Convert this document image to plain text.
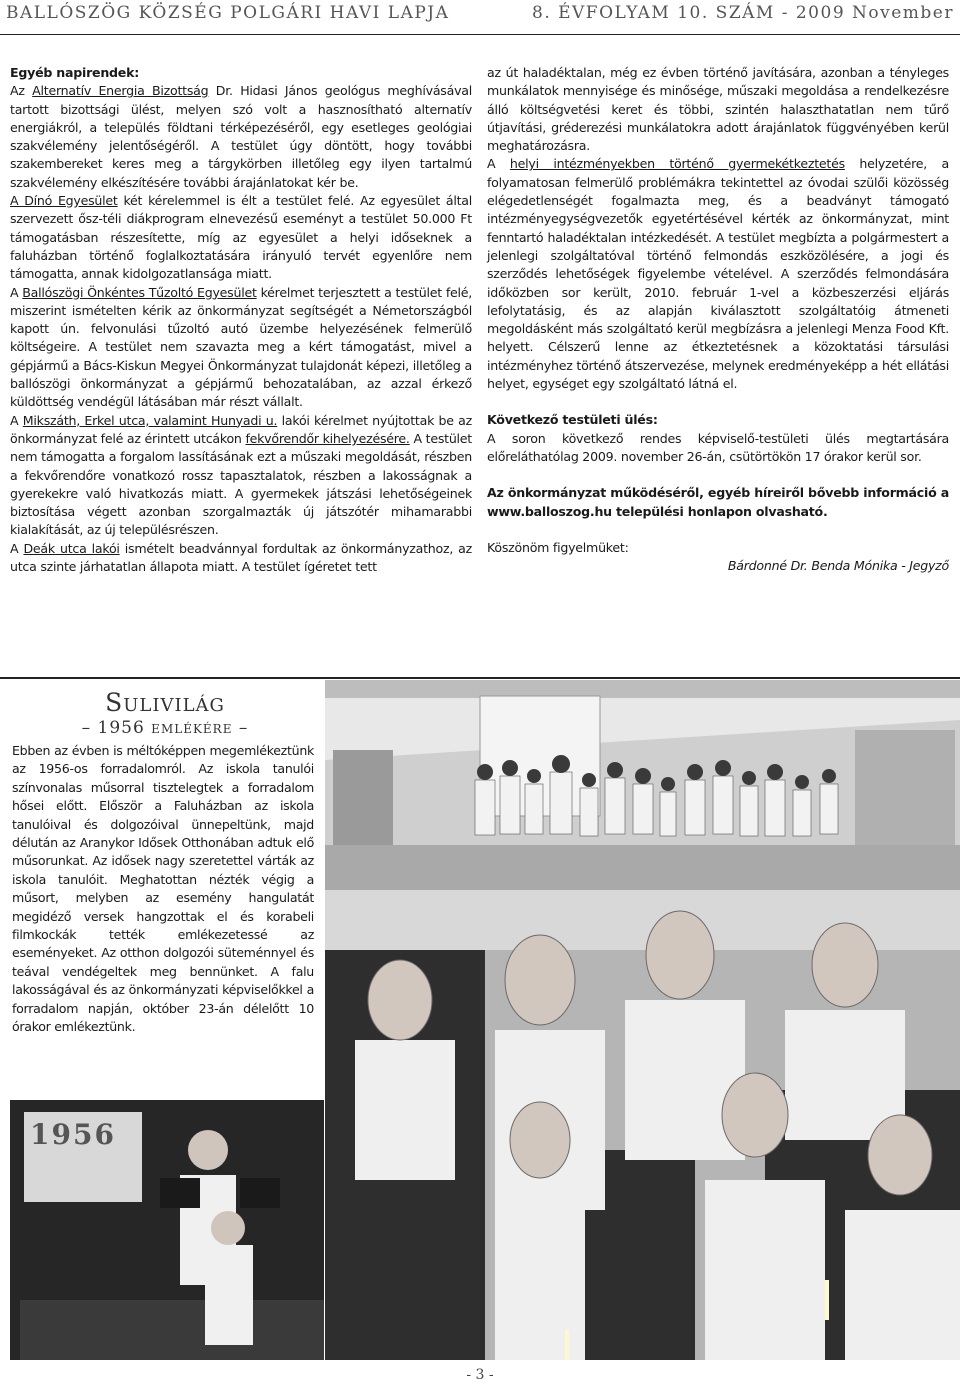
BALLÓSZÖG KÖZSÉG POLGÁRI HAVI LAPJA	8. ÉVFOLYAM 10. SZÁM - 2009 November

Egyéb napirendek:

Az Alternatív Energia Bizottság Dr. Hidasi János geológus meghívásával tartott bizottsági ülést, melyen szó volt a hasznosítható alternatív energiákról, a település földtani térképezéséről, egy esetleges geológiai szakvélemény jelentőségéről. A testület úgy döntött, hogy további szakembereket keres meg a tárgykörben illetőleg egy ilyen tartalmú szakvélemény elkészítésére további árajánlatokat kér be.

A Dínó Egyesület két kérelemmel is élt a testület felé. Az egyesület által szervezett ősz-téli diákprogram elnevezésű eseményt a testület 50.000 Ft támogatásban részesítette, míg az egyesület a helyi időseknek a faluházban történő foglalkoztatására irányuló tervét egyenlőre nem támogatta, annak kidolgozatlansága miatt.

A Ballószögi Önkéntes Tűzoltó Egyesület kérelmet terjesztett a testület felé, miszerint ismételten kérik az önkormányzat segítségét a Németországból kapott ún. felvonulási tűzoltó autó üzembe helyezésének felmerülő költségeire. A testület nem szavazta meg a kért támogatást, mivel a gépjármű a Bács-Kiskun Megyei Önkormányzat tulajdonát képezi, illetőleg a ballószögi önkormányzat a gépjármű behozatalában, az azzal érkező küldöttség vendégül látásában már részt vállalt.

A Mikszáth, Erkel utca, valamint Hunyadi u. lakói kérelmet nyújtottak be az önkormányzat felé az érintett utcákon fekvőrendőr kihelyezésére. A testület nem támogatta a forgalom lassításának ezt a műszaki megoldását, részben a fekvőrendőre vonatkozó rossz tapasztalatok, részben a lakosságnak a gyerekekre való hivatkozás miatt. A gyermekek játszási lehetőségeinek biztosítása végett azonban szorgalmazták új játszótér mihamarabbi kialakítását, az új településrészen.

A Deák utca lakói ismételt beadvánnyal fordultak az önkormányzathoz, az utca szinte járhatatlan állapota miatt. A testület ígéretet tett

az út haladéktalan, még ez évben történő javítására, azonban a tényleges munkálatok mennyisége és minősége, műszaki megoldása a rendelkezésre álló költségvetési keret és többi, szintén halaszthatatlan nem tűrő útjavítási, gréderezési munkálatokra adott árajánlatok függvényében kerül meghatározásra.

A helyi intézményekben történő gyermekétkeztetés helyzetére, a folyamatosan felmerülő problémákra tekintettel az óvodai szülői közösség elégedetlenségét fogalmazta meg, és a beadványt támogató intézményegységvezetők egyetértésével kérték az önkormányzat, mint fenntartó haladéktalan intézkedését. A testület megbízta a polgármestert a jelenlegi szolgáltatóval történő felmondás eszközölésére, a jogi és szerződés lehetőségek figyelembe vételével. A szerződés felmondására időközben sor került, 2010. február 1-vel a közbeszerzési eljárás lefolytatásig, és az alapján kiválasztott szolgáltatóig átmeneti megoldásként más szolgáltató kerül megbízásra a jelenlegi Menza Food Kft. helyett. Célszerű lenne az étkeztetésnek a közoktatási társulási intézményhez történő átszervezése, melynek eredményeképp a hét ellátási helyet, egységet egy szolgáltató látná el.

Következő testületi ülés:

A soron következő rendes képviselő-testületi ülés megtartására előreláthatólag 2009. november 26-án, csütörtökön 17 órakor kerül sor.

Az önkormányzat működéséről, egyéb híreiről bővebb információ a www.balloszog.hu települési honlapon olvasható.

Köszönöm figyelmüket:

Bárdonné Dr. Benda Mónika - Jegyző

Sulivilág
– 1956 emlékére –
Ebben az évben is méltóképpen megemlékeztünk az 1956-os forradalomról. Az iskola tanulói színvonalas műsorral tisztelegtek a forradalom hősei előtt. Először a Faluházban az iskola tanulóival és dolgozóival ünnepeltünk, majd délután az Aranykor Idősek Otthonában adtuk elő műsorunkat. Az idősek nagy szeretettel várták az iskola tanulóit. Meghatottan nézték végig a műsort, melyben az esemény hangulatát megidéző versek hangzottak el és korabeli filmkockák tették emlékezetessé az eseményeket. Az otthon dolgozói süteménnyel és teával vendégeltek meg bennünket. A falu lakosságával és az önkormányzati képviselőkkel a forradalom napján, október 23-án délelőtt 10 órakor emlékeztünk.
1956
- 3 -
